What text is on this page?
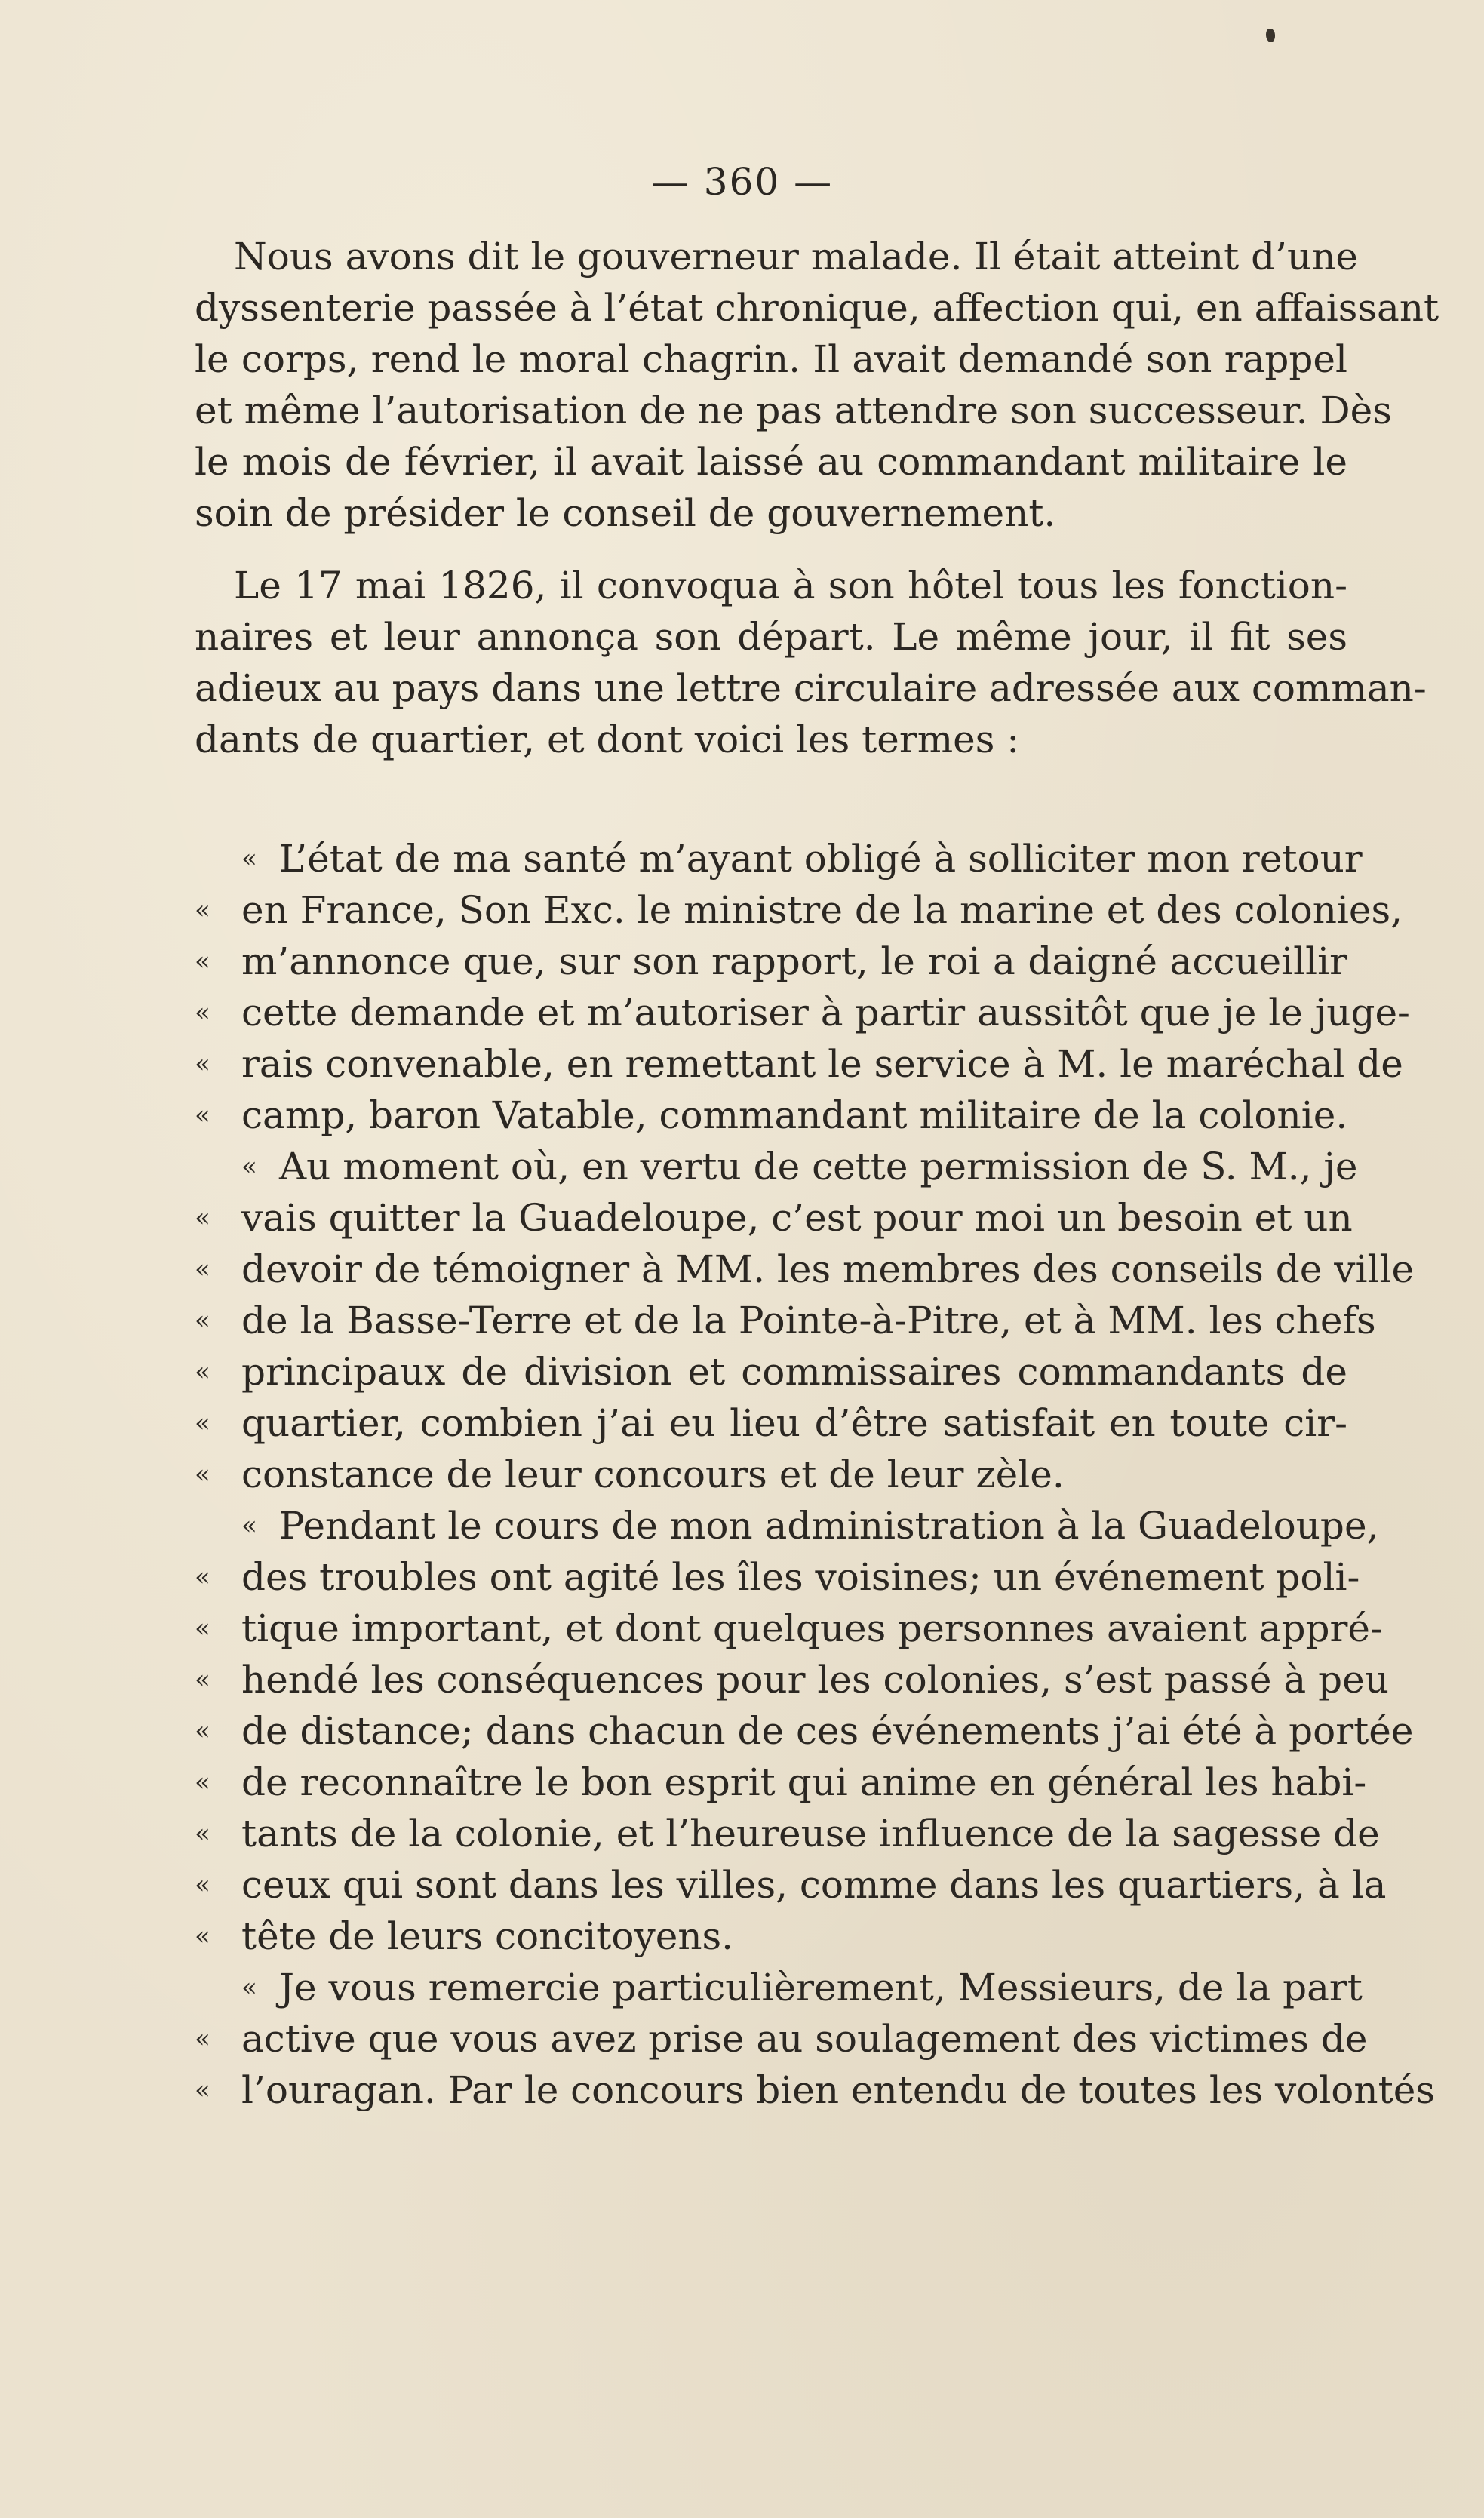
— 360 —
Nous avons dit le gouverneur malade. Il était atteint d’une
dyssenterie passée à l’état chronique, affection qui, en affaissant
le corps, rend le moral chagrin. Il avait demandé son rappel
et même l’autorisation de ne pas attendre son successeur. Dès
le mois de février, il avait laissé au commandant militaire le
soin de présider le conseil de gouvernement.
Le 17 mai 1826, il convoqua à son hôtel tous les fonction-
naires et leur annonça son départ. Le même jour, il fit ses
adieux au pays dans une lettre circulaire adressée aux comman-
dants de quartier, et dont voici les termes :
« L’état de ma santé m’ayant obligé à solliciter mon retour
« en France, Son Exc. le ministre de la marine et des colonies,
« m’annonce que, sur son rapport, le roi a daigné accueillir
« cette demande et m’autoriser à partir aussitôt que je le juge-
« rais convenable, en remettant le service à M. le maréchal de
« camp, baron Vatable, commandant militaire de la colonie.
« Au moment où, en vertu de cette permission de S. M., je
« vais quitter la Guadeloupe, c’est pour moi un besoin et un
« devoir de témoigner à MM. les membres des conseils de ville
« de la Basse-Terre et de la Pointe-à-Pitre, et à MM. les chefs
« principaux de division et commissaires commandants de
« quartier, combien j’ai eu lieu d’être satisfait en toute cir-
« constance de leur concours et de leur zèle.
« Pendant le cours de mon administration à la Guadeloupe,
« des troubles ont agité les îles voisines; un événement poli-
« tique important, et dont quelques personnes avaient appré-
« hendé les conséquences pour les colonies, s’est passé à peu
« de distance; dans chacun de ces événements j’ai été à portée
« de reconnaître le bon esprit qui anime en général les habi-
« tants de la colonie, et l’heureuse influence de la sagesse de
« ceux qui sont dans les villes, comme dans les quartiers, à la
« tête de leurs concitoyens.
« Je vous remercie particulièrement, Messieurs, de la part
« active que vous avez prise au soulagement des victimes de
« l’ouragan. Par le concours bien entendu de toutes les volontés
